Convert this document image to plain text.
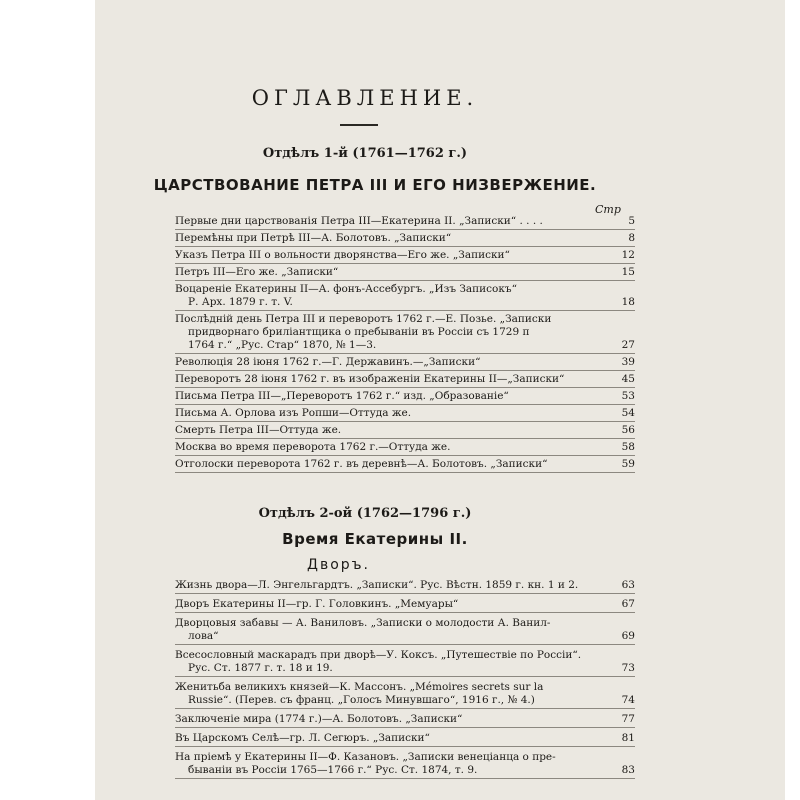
ОГЛАВЛЕНИЕ.
Отдѣлъ 1-й (1761—1762 г.)
ЦАРСТВОВАНИЕ ПЕТРА III И ЕГО НИЗВЕРЖЕНИЕ.
Стр
Отдѣлъ 2-ой (1762—1796 г.)
Время Екатерины II.
Дворъ.
Первые дни царствованія Петра III—Екатерина II. „Записки“ . . . .	5
Перемѣны при Петрѣ III—А. Болотовъ. „Записки“	8
Указъ Петра III о вольности дворянства—Его же. „Записки“	12
Петръ III—Его же. „Записки“	15
Воцареніе Екатерины II—А. фонъ-Ассебургъ. „Изъ Записокъ“
Р. Арх. 1879 г. т. V.	18
Послѣдній день Петра III и переворотъ 1762 г.—Е. Позье. „Записки
придворнаго бриліантщика о пребываніи въ Россіи съ 1729 п
1764 г.“ „Рус. Стар“ 1870, № 1—3.	27
Революція 28 іюня 1762 г.—Г. Державинъ.—„Записки“	39
Переворотъ 28 іюня 1762 г. въ изображеніи Екатерины II—„Записки“	45
Письма Петра III—„Переворотъ 1762 г.“ изд. „Образованіе“	53
Письма А. Орлова изъ Ропши—Оттуда же.	54
Смерть Петра III—Оттуда же.	56
Москва во время переворота 1762 г.—Оттуда же.	58
Отголоски переворота 1762 г. въ деревнѣ—А. Болотовъ. „Записки“	59
Жизнь двора—Л. Энгельгардтъ. „Записки“. Рус. Вѣстн. 1859 г. кн. 1 и 2.	63
Дворъ Екатерины II—гр. Г. Головкинъ. „Мемуары“	67
Дворцовыя забавы — А. Ваниловъ. „Записки о молодости А. Ванил-
лова“	69
Всесословный маскарадъ при дворѣ—У. Коксъ. „Путешествіе по Россіи“.
Рус. Ст. 1877 г. т. 18 и 19.	73
Женитьба великихъ князей—К. Массонъ. „Mémoires secrets sur la
Russie“. (Перев. съ франц. „Голосъ Минувшаго“, 1916 г., № 4.)	74
Заключеніе мира (1774 г.)—А. Болотовъ. „Записки“	77
Въ Царскомъ Селѣ—гр. Л. Сегюръ. „Записки“	81
На пріемѣ у Екатерины II—Ф. Казановъ. „Записки венеціанца о пре-
бываніи въ Россіи 1765—1766 г.“ Рус. Ст. 1874, т. 9.	83
